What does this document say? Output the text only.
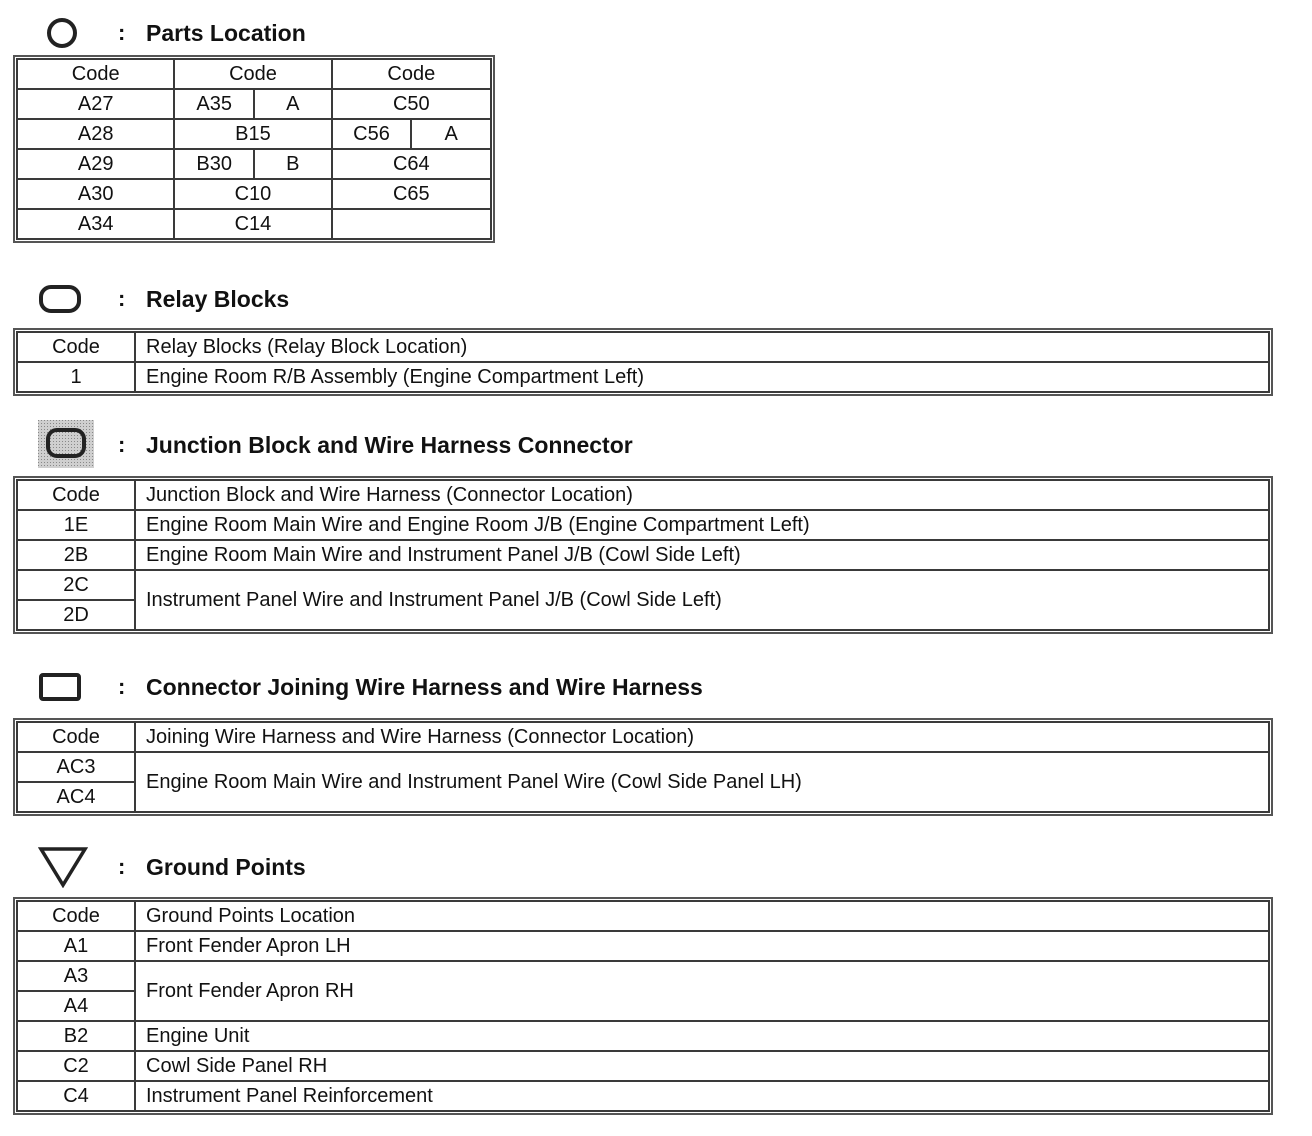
: Parts Location
Code	Code		Code	
A27	A35	A	C50	
A28	B15		C56	A
A29	B30	B	C64	
A30	C10		C65	
A34	C14			
: Relay Blocks
Code	Relay Blocks (Relay Block Location)
1	Engine Room R/B Assembly (Engine Compartment Left)
: Junction Block and Wire Harness Connector
Code	Junction Block and Wire Harness (Connector Location)
1E	Engine Room Main Wire and Engine Room J/B (Engine Compartment Left)
2B	Engine Room Main Wire and Instrument Panel J/B (Cowl Side Left)
2C	Instrument Panel Wire and Instrument Panel J/B (Cowl Side Left)
2D	
: Connector Joining Wire Harness and Wire Harness
Code	Joining Wire Harness and Wire Harness (Connector Location)
AC3	Engine Room Main Wire and Instrument Panel Wire (Cowl Side Panel LH)
AC4	
: Ground Points
Code	Ground Points Location
A1	Front Fender Apron LH
A3	Front Fender Apron RH
A4	
B2	Engine Unit
C2	Cowl Side Panel RH
C4	Instrument Panel Reinforcement
